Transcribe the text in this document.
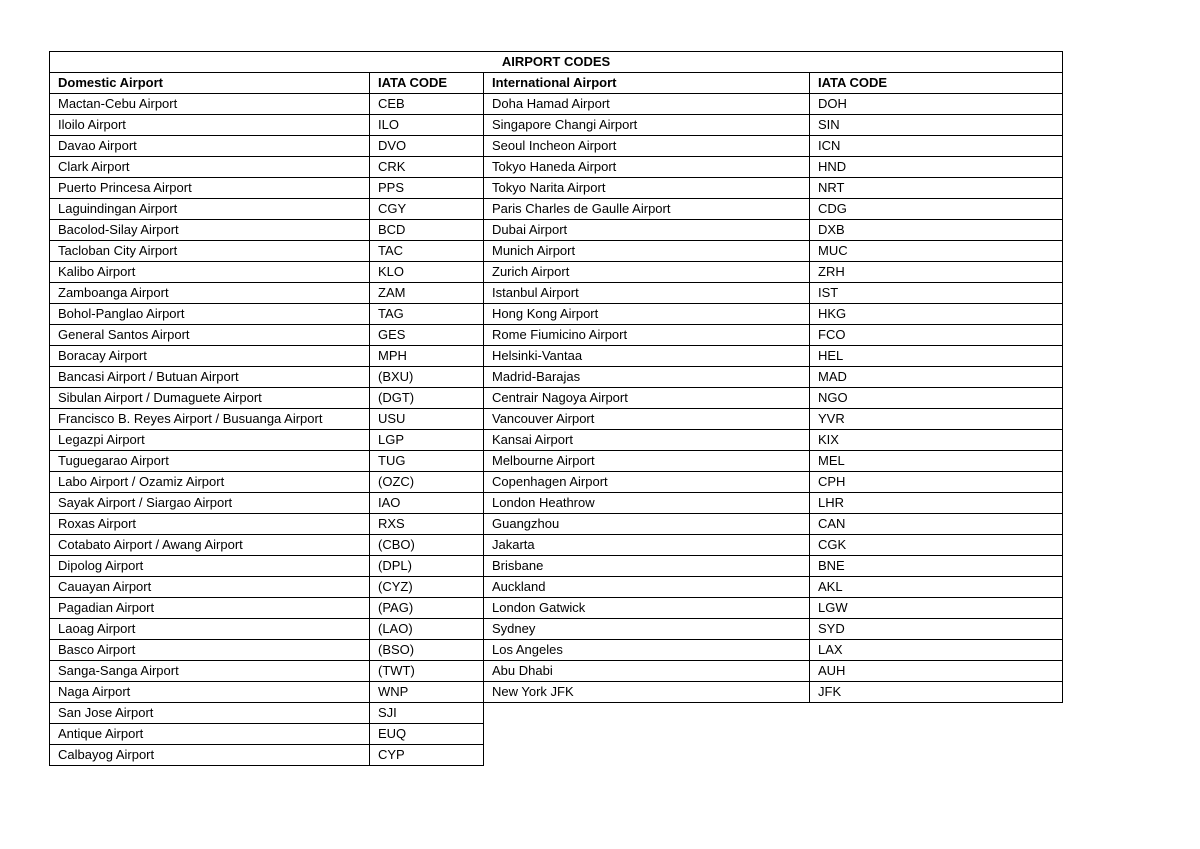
AIRPORT CODES			
Domestic Airport	IATA CODE	International Airport	IATA CODE
Mactan-Cebu Airport	CEB	Doha Hamad Airport	DOH
Iloilo Airport	ILO	Singapore Changi Airport	SIN
Davao Airport	DVO	Seoul Incheon Airport	ICN
Clark Airport	CRK	Tokyo Haneda Airport	HND
Puerto Princesa Airport	PPS	Tokyo Narita Airport	NRT
Laguindingan Airport	CGY	Paris Charles de Gaulle Airport	CDG
Bacolod-Silay Airport	BCD	Dubai Airport	DXB
Tacloban City Airport	TAC	Munich Airport	MUC
Kalibo Airport	KLO	Zurich Airport	ZRH
Zamboanga Airport	ZAM	Istanbul Airport	IST
Bohol-Panglao Airport	TAG	Hong Kong Airport	HKG
General Santos Airport	GES	Rome Fiumicino Airport	FCO
Boracay Airport	MPH	Helsinki-Vantaa	HEL
Bancasi Airport / Butuan Airport	(BXU)	Madrid-Barajas	MAD
Sibulan Airport / Dumaguete Airport	(DGT)	Centrair Nagoya Airport	NGO
Francisco B. Reyes Airport / Busuanga Airport	USU	Vancouver Airport	YVR
Legazpi Airport	LGP	Kansai Airport	KIX
Tuguegarao Airport	TUG	Melbourne Airport	MEL
Labo Airport / Ozamiz Airport	(OZC)	Copenhagen Airport	CPH
Sayak Airport / Siargao Airport	IAO	London Heathrow	LHR
Roxas Airport	RXS	Guangzhou	CAN
Cotabato Airport / Awang Airport	(CBO)	Jakarta	CGK
Dipolog Airport	(DPL)	Brisbane	BNE
Cauayan Airport	(CYZ)	Auckland	AKL
Pagadian Airport	(PAG)	London Gatwick	LGW
Laoag Airport	(LAO)	Sydney	SYD
Basco Airport	(BSO)	Los Angeles	LAX
Sanga-Sanga Airport	(TWT)	Abu Dhabi	AUH
Naga Airport	WNP	New York JFK	JFK
San Jose Airport	SJI		
Antique Airport	EUQ		
Calbayog Airport	CYP		
